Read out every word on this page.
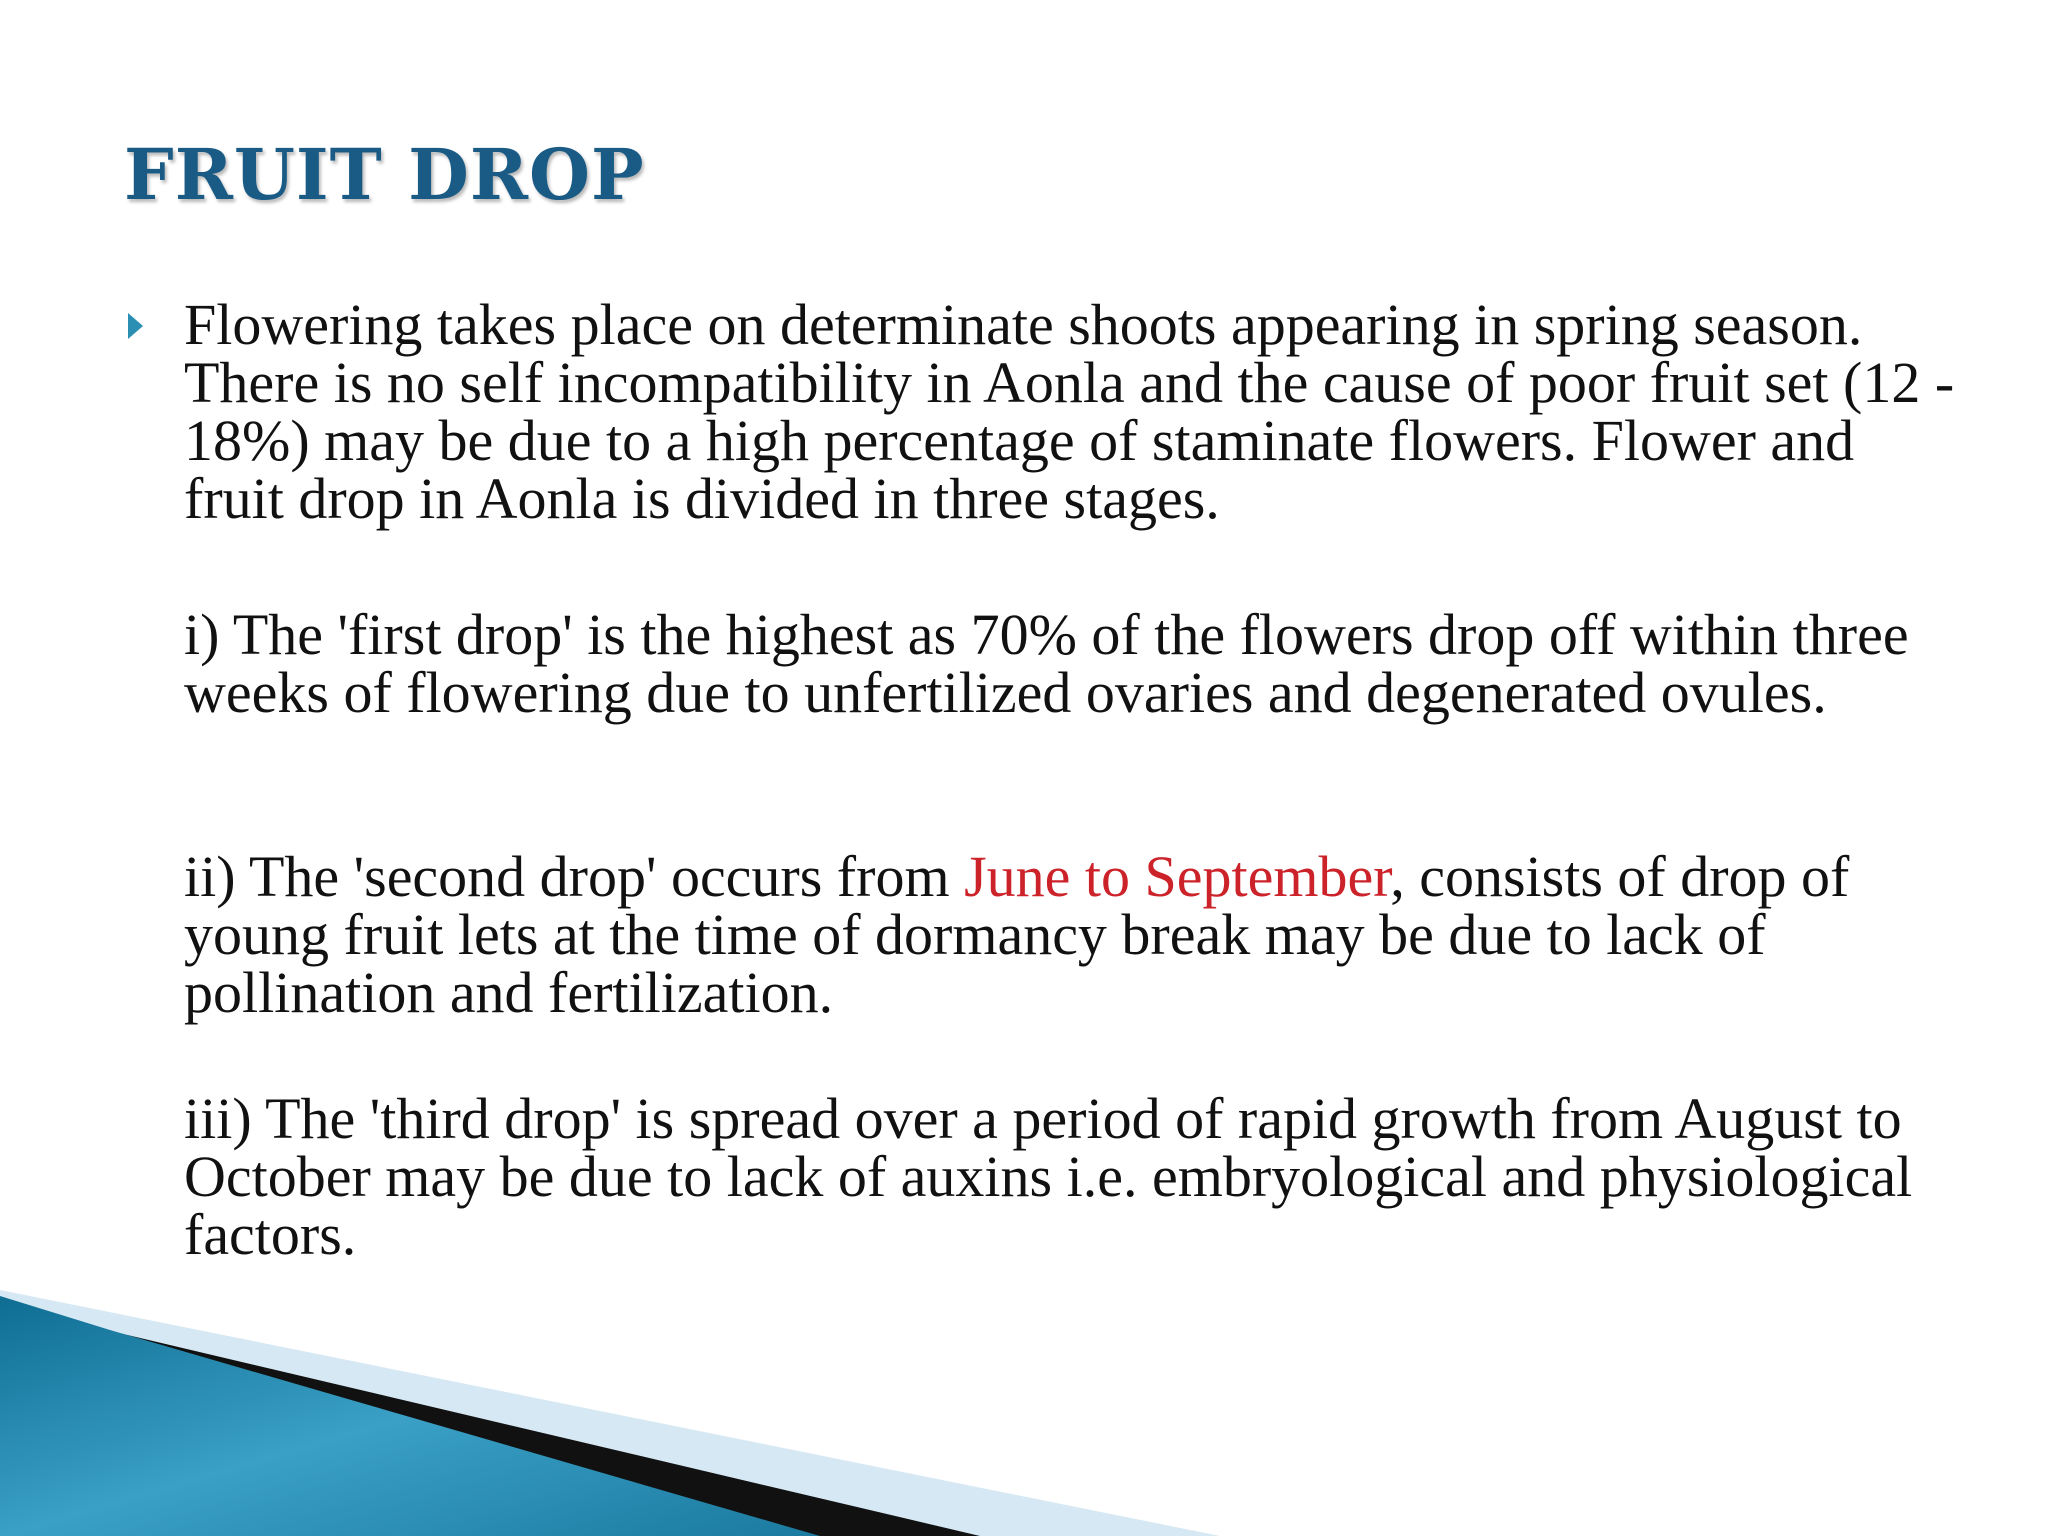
FRUIT DROP

Flowering takes place on determinate shoots appearing in spring season. There is no self incompatibility in Aonla and the cause of poor fruit set (12 - 18%) may be due to a high percentage of staminate flowers. Flower and fruit drop in Aonla is divided in three stages.

i) The 'first drop' is the highest as 70% of the flowers drop off within three weeks of flowering due to unfertilized ovaries and degenerated ovules.

ii) The 'second drop' occurs from June to September, consists of drop of young fruit lets at the time of dormancy break may be due to lack of pollination and fertilization.

iii) The 'third drop' is spread over a period of rapid growth from August to October may be due to lack of auxins i.e. embryological and physiological factors.
